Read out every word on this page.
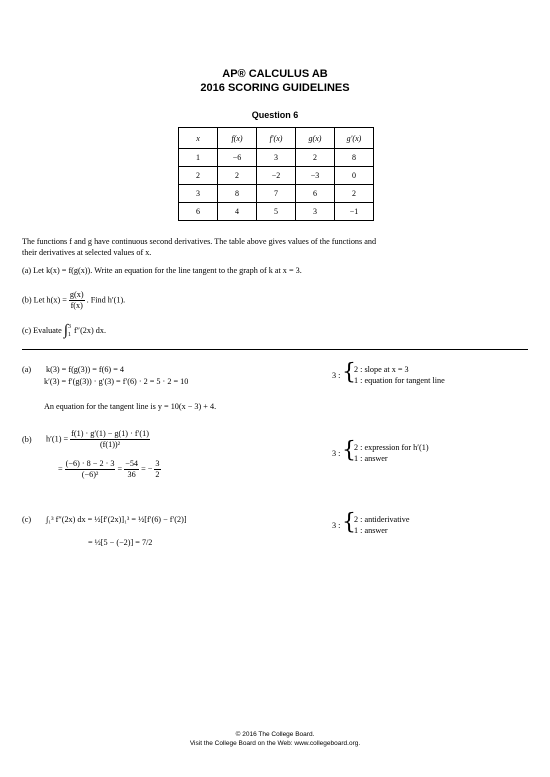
AP® CALCULUS AB
2016 SCORING GUIDELINES
Question 6
x	f(x)	f′(x)	g(x)	g′(x)
1	−6	3	2	8
2	2	−2	−3	0
3	8	7	6	2
6	4	5	3	−1
The functions f and g have continuous second derivatives. The table above gives values of the functions and
their derivatives at selected values of x.
(a) Let k(x) = f(g(x)). Write an equation for the line tangent to the graph of k at x = 3.
(b) Let $h(x) = \frac{g(x)}{f(x)}$ . Find h′(1).
(c) Evaluate ∫ 3
1
f″(2x) dx.
(a) k(3) = f(g(3)) = f(6) = 4
k′(3) = f′(g(3)) · g′(3) = f′(6) · 2 = 5 · 2 = 10
An equation for the tangent line is y = 10(x − 3) + 4.
3 : {
2 : slope at x = 3
1 : equation for tangent line
(b) $h'(1) = \frac{f(1) \cdot g'(1) - g(1) \cdot f'(1)}{\text{(f(1))²}}$
= $\frac{(-6) \cdot 8 - 2 \cdot 3}{\text{(−6)²}} = \frac{-54}{36}$ = − $\frac{3}{2}$
3 : {
2 : expression for h′(1)
1 : answer
(c) ∫₁³ f″(2x) dx = ½[f′(2x)]₁³ = ½[f′(6) − f′(2)]
= ½[5 − (−2)] = 7/2
3 : {
2 : antiderivative
1 : answer
© 2016 The College Board.
Visit the College Board on the Web: www.collegeboard.org.
